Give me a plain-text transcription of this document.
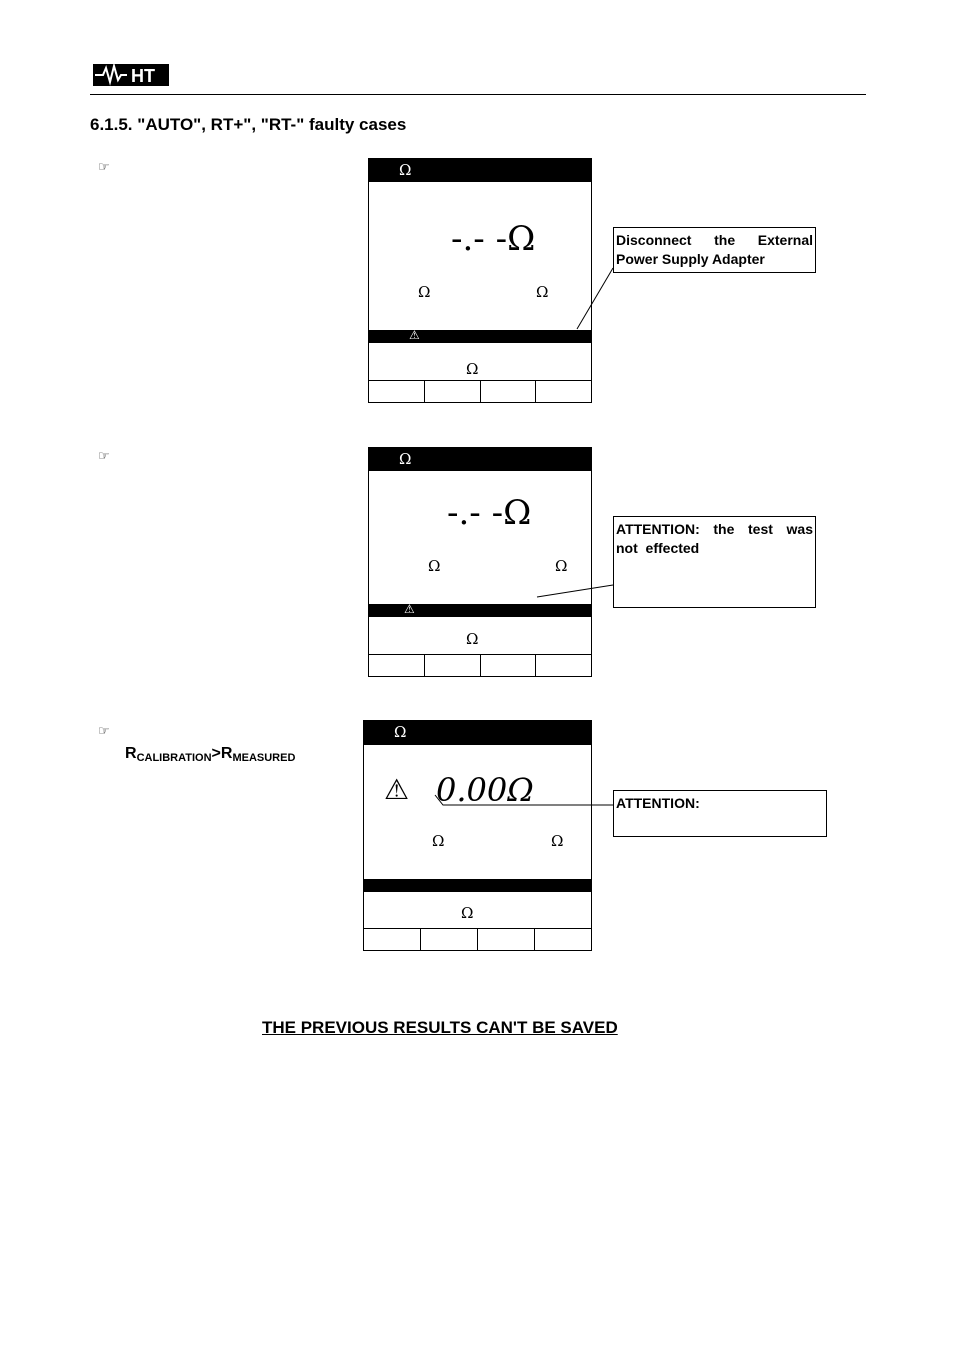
HT
6.1.5. "AUTO", RT+", "RT-" faulty cases
☞
☞
☞
$R_{CALIBRATION}>R_{MEASURED}$
Ω
-.- -Ω
Ω	Ω
⚠
Ω
Ω
-.- -Ω
Ω	Ω
⚠
Ω
Ω
⚠ 0.00Ω
Ω	Ω
Ω
Disconnect the External
Power Supply Adapter
ATTENTION: the test was
not  effected
ATTENTION:
THE PREVIOUS RESULTS CAN'T BE SAVED
